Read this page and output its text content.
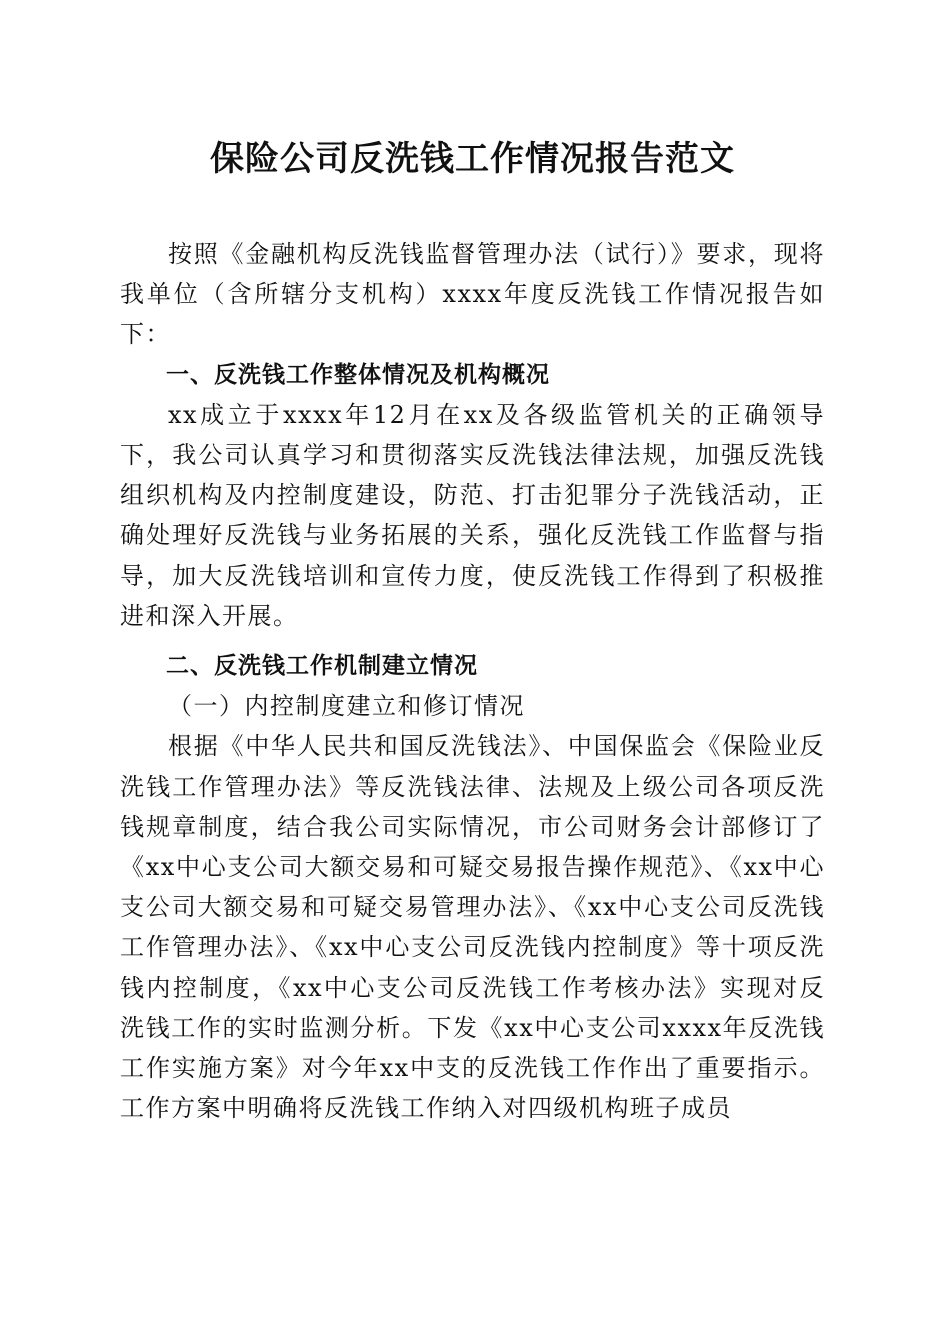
保险公司反洗钱工作情况报告范文

按照《金融机构反洗钱监督管理办法（试行）》要求，现将我单位（含所辖分支机构）xxxx年度反洗钱工作情况报告如下：

一、反洗钱工作整体情况及机构概况

xx成立于xxxx年12月在xx及各级监管机关的正确领导下，我公司认真学习和贯彻落实反洗钱法律法规，加强反洗钱组织机构及内控制度建设，防范、打击犯罪分子洗钱活动，正确处理好反洗钱与业务拓展的关系，强化反洗钱工作监督与指导，加大反洗钱培训和宣传力度，使反洗钱工作得到了积极推进和深入开展。

二、反洗钱工作机制建立情况

（一）内控制度建立和修订情况

根据《中华人民共和国反洗钱法》、中国保监会《保险业反洗钱工作管理办法》等反洗钱法律、法规及上级公司各项反洗钱规章制度，结合我公司实际情况，市公司财务会计部修订了《xx中心支公司大额交易和可疑交易报告操作规范》、《xx中心支公司大额交易和可疑交易管理办法》、《xx中心支公司反洗钱工作管理办法》、《xx中心支公司反洗钱内控制度》等十项反洗钱内控制度，《xx中心支公司反洗钱工作考核办法》实现对反洗钱工作的实时监测分析。下发《xx中心支公司xxxx年反洗钱工作实施方案》对今年xx中支的反洗钱工作作出了重要指示。工作方案中明确将反洗钱工作纳入对四级机构班子成员
